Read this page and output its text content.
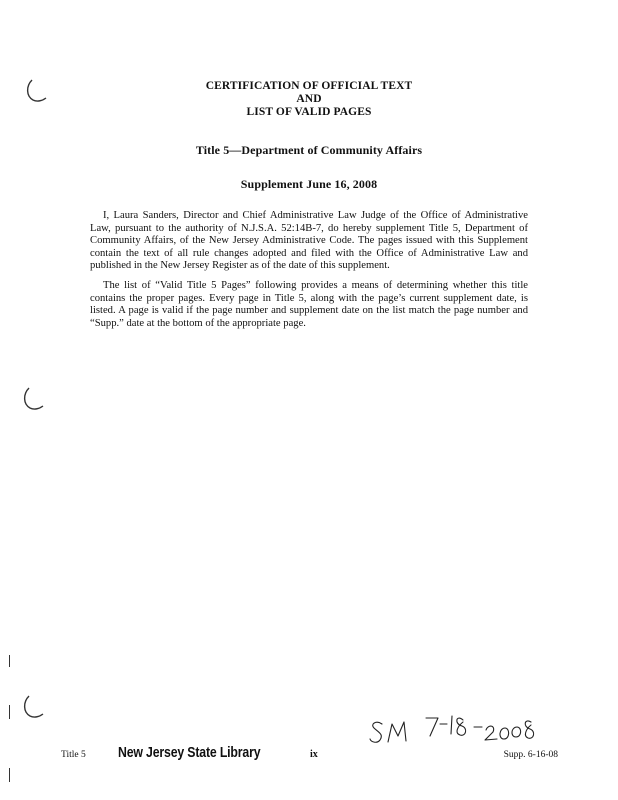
CERTIFICATION OF OFFICIAL TEXT
AND
LIST OF VALID PAGES
Title 5—Department of Community Affairs
Supplement June 16, 2008

I, Laura Sanders, Director and Chief Administrative Law Judge of the Office of Administrative Law, pursuant to the authority of N.J.S.A. 52:14B-7, do hereby supplement Title 5, Department of Community Affairs, of the New Jersey Administrative Code. The pages issued with this Supplement contain the text of all rule changes adopted and filed with the Office of Administrative Law and published in the New Jersey Register as of the date of this supplement.

The list of “Valid Title 5 Pages” following provides a means of determining whether this title contains the proper pages. Every page in Title 5, along with the page’s current supplement date, is listed. A page is valid if the page number and supplement date on the list match the page number and “Supp.” date at the bottom of the appropriate page.

Title 5 New Jersey State Library	ix	Supp. 6-16-08
